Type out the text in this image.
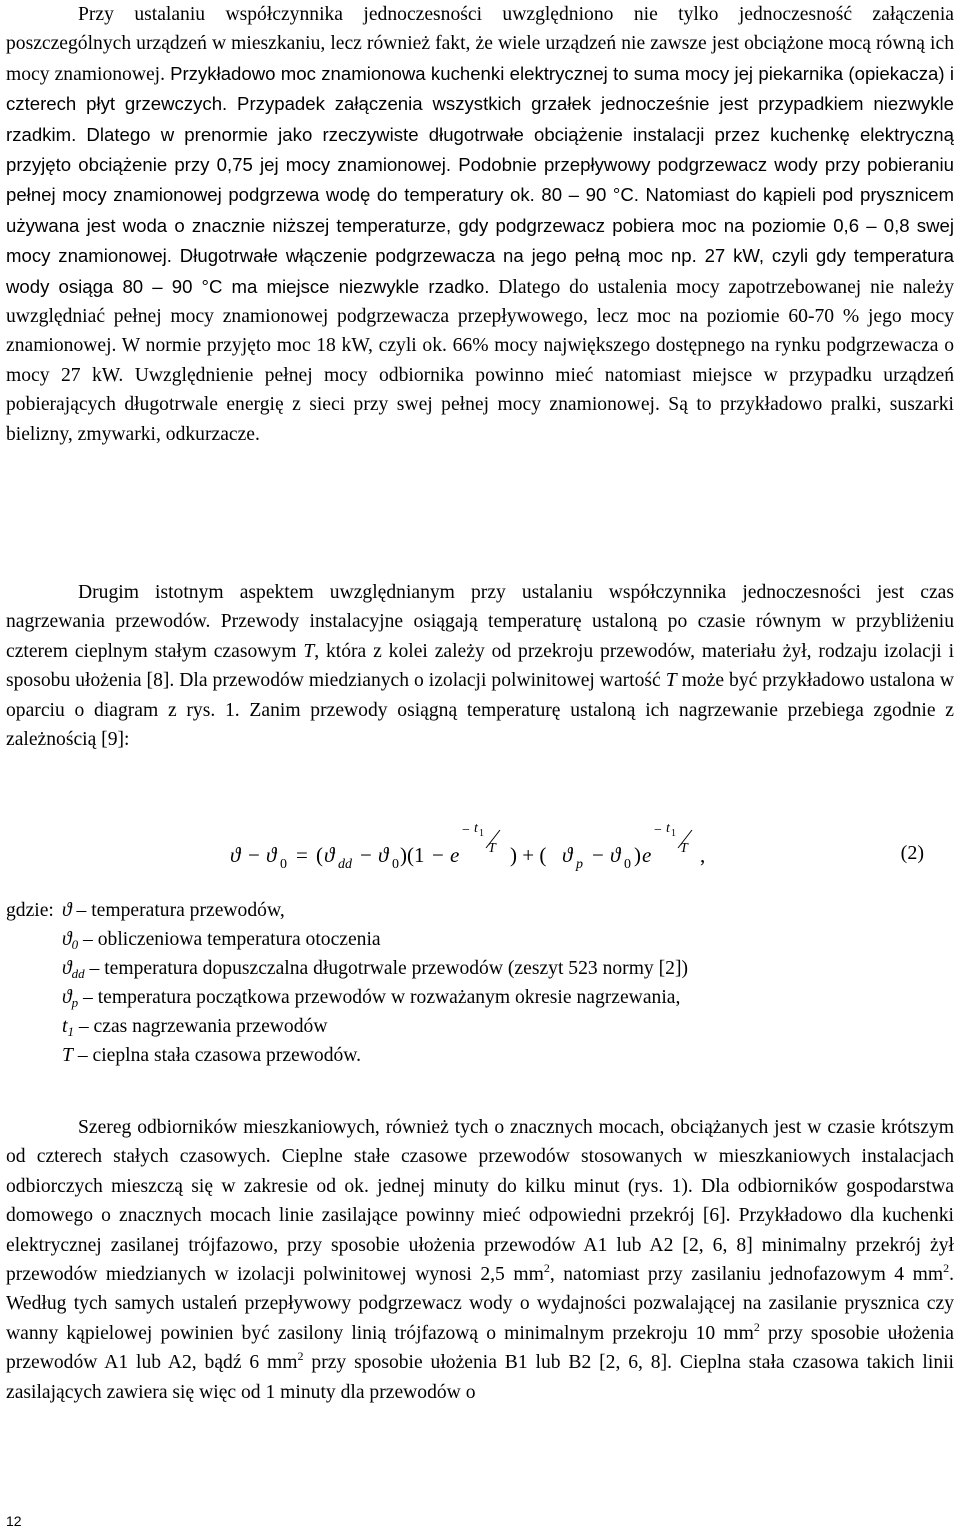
Przy ustalaniu współczynnika jednoczesności uwzględniono nie tylko jednoczesność załączenia poszczególnych urządzeń w mieszkaniu, lecz również fakt, że wiele urządzeń nie zawsze jest obciążone mocą równą ich mocy znamionowej. Przykładowo moc znamionowa kuchenki elektrycznej to suma mocy jej piekarnika (opiekacza) i czterech płyt grzewczych. Przypadek załączenia wszystkich grzałek jednocześnie jest przypadkiem niezwykle rzadkim. Dlatego w prenormie jako rzeczywiste długotrwałe obciążenie instalacji przez kuchenkę elektryczną przyjęto obciążenie przy 0,75 jej mocy znamionowej. Podobnie przepływowy podgrzewacz wody przy pobieraniu pełnej mocy znamionowej podgrzewa wodę do temperatury ok. 80 – 90 °C. Natomiast do kąpieli pod prysznicem używana jest woda o znacznie niższej temperaturze, gdy podgrzewacz pobiera moc na poziomie 0,6 – 0,8 swej mocy znamionowej. Długotrwałe włączenie podgrzewacza na jego pełną moc np. 27 kW, czyli gdy temperatura wody osiąga 80 – 90 °C ma miejsce niezwykle rzadko. Dlatego do ustalenia mocy zapotrzebowanej nie należy uwzględniać pełnej mocy znamionowej podgrzewacza przepływowego, lecz moc na poziomie 60-70 % jego mocy znamionowej. W normie przyjęto moc 18 kW, czyli ok. 66% mocy największego dostępnego na rynku podgrzewacza o mocy 27 kW. Uwzględnienie pełnej mocy odbiornika powinno mieć natomiast miejsce w przypadku urządzeń pobierających długotrwale energię z sieci przy swej pełnej mocy znamionowej. Są to przykładowo pralki, suszarki bielizny, zmywarki, odkurzacze.

Drugim istotnym aspektem uwzględnianym przy ustalaniu współczynnika jednoczesności jest czas nagrzewania przewodów. Przewody instalacyjne osiągają temperaturę ustaloną po czasie równym w przybliżeniu czterem cieplnym stałym czasowym T, która z kolei zależy od przekroju przewodów, materiału żył, rodzaju izolacji i sposobu ułożenia [8]. Dla przewodów miedzianych o izolacji polwinitowej wartość T może być przykładowo ustalona w oparciu o diagram z rys. 1. Zanim przewody osiągną temperaturę ustaloną ich nagrzewanie przebiega zgodnie z zależnością [9]:

ϑ − ϑ 0 = ( ϑ dd − ϑ 0 )(1 − e
− t 1
T ) + ( ϑ p − ϑ 0 ) e
− t 1
T ,	(2)
gdzie: ϑ – temperatura przewodów,
$ϑ_0$ – obliczeniowa temperatura otoczenia
$ϑ_{dd}$ – temperatura dopuszczalna długotrwale przewodów (zeszyt 523 normy [2])
$ϑ_p$ – temperatura początkowa przewodów w rozważanym okresie nagrzewania,
$t_1$ – czas nagrzewania przewodów
T – cieplna stała czasowa przewodów.

Szereg odbiorników mieszkaniowych, również tych o znacznych mocach, obciążanych jest w czasie krótszym od czterech stałych czasowych. Cieplne stałe czasowe przewodów stosowanych w mieszkaniowych instalacjach odbiorczych mieszczą się w zakresie od ok. jednej minuty do kilku minut (rys. 1). Dla odbiorników gospodarstwa domowego o znacznych mocach linie zasilające powinny mieć odpowiedni przekrój [6]. Przykładowo dla kuchenki elektrycznej zasilanej trójfazowo, przy sposobie ułożenia przewodów A1 lub A2 [2, 6, 8] minimalny przekrój żył przewodów miedzianych w izolacji polwinitowej wynosi 2,5 $mm^2$, natomiast przy zasilaniu jednofazowym 4 $mm^2$. Według tych samych ustaleń przepływowy podgrzewacz wody o wydajności pozwalającej na zasilanie prysznica czy wanny kąpielowej powinien być zasilony linią trójfazową o minimalnym przekroju 10 $mm^2$ przy sposobie ułożenia przewodów A1 lub A2, bądź 6 $mm^2$ przy sposobie ułożenia B1 lub B2 [2, 6, 8]. Cieplna stała czasowa takich linii zasilających zawiera się więc od 1 minuty dla przewodów o

12
